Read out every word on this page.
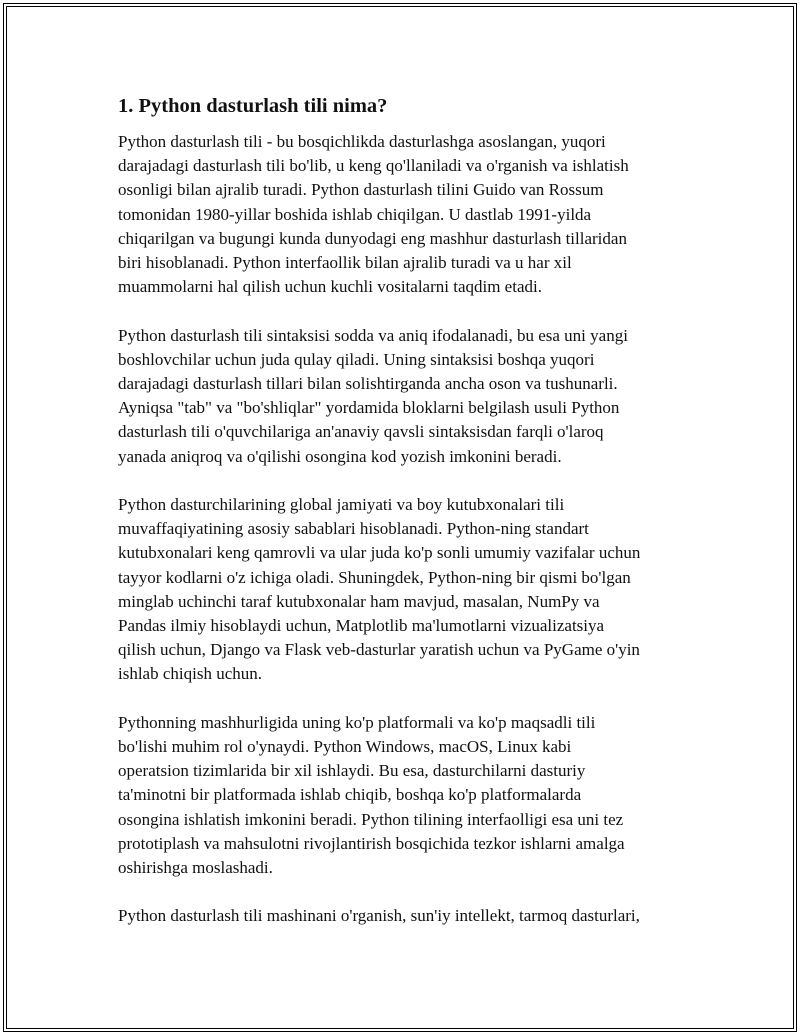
1. Python dasturlash tili nima?
Python dasturlash tili - bu bosqichlikda dasturlashga asoslangan, yuqori
darajadagi dasturlash tili bo'lib, u keng qo'llaniladi va o'rganish va ishlatish
osonligi bilan ajralib turadi. Python dasturlash tilini Guido van Rossum
tomonidan 1980-yillar boshida ishlab chiqilgan. U dastlab 1991-yilda
chiqarilgan va bugungi kunda dunyodagi eng mashhur dasturlash tillaridan
biri hisoblanadi. Python interfaollik bilan ajralib turadi va u har xil
muammolarni hal qilish uchun kuchli vositalarni taqdim etadi.
Python dasturlash tili sintaksisi sodda va aniq ifodalanadi, bu esa uni yangi
boshlovchilar uchun juda qulay qiladi. Uning sintaksisi boshqa yuqori
darajadagi dasturlash tillari bilan solishtirganda ancha oson va tushunarli.
Ayniqsa "tab" va "bo'shliqlar" yordamida bloklarni belgilash usuli Python
dasturlash tili o'quvchilariga an'anaviy qavsli sintaksisdan farqli o'laroq
yanada aniqroq va o'qilishi osongina kod yozish imkonini beradi.
Python dasturchilarining global jamiyati va boy kutubxonalari tili
muvaffaqiyatining asosiy sabablari hisoblanadi. Python-ning standart
kutubxonalari keng qamrovli va ular juda ko'p sonli umumiy vazifalar uchun
tayyor kodlarni o'z ichiga oladi. Shuningdek, Python-ning bir qismi bo'lgan
minglab uchinchi taraf kutubxonalar ham mavjud, masalan, NumPy va
Pandas ilmiy hisoblaydi uchun, Matplotlib ma'lumotlarni vizualizatsiya
qilish uchun, Django va Flask veb-dasturlar yaratish uchun va PyGame o'yin
ishlab chiqish uchun.
Pythonning mashhurligida uning ko'p platformali va ko'p maqsadli tili
bo'lishi muhim rol o'ynaydi. Python Windows, macOS, Linux kabi
operatsion tizimlarida bir xil ishlaydi. Bu esa, dasturchilarni dasturiy
ta'minotni bir platformada ishlab chiqib, boshqa ko'p platformalarda
osongina ishlatish imkonini beradi. Python tilining interfaolligi esa uni tez
prototiplash va mahsulotni rivojlantirish bosqichida tezkor ishlarni amalga
oshirishga moslashadi.
Python dasturlash tili mashinani o'rganish, sun'iy intellekt, tarmoq dasturlari,
